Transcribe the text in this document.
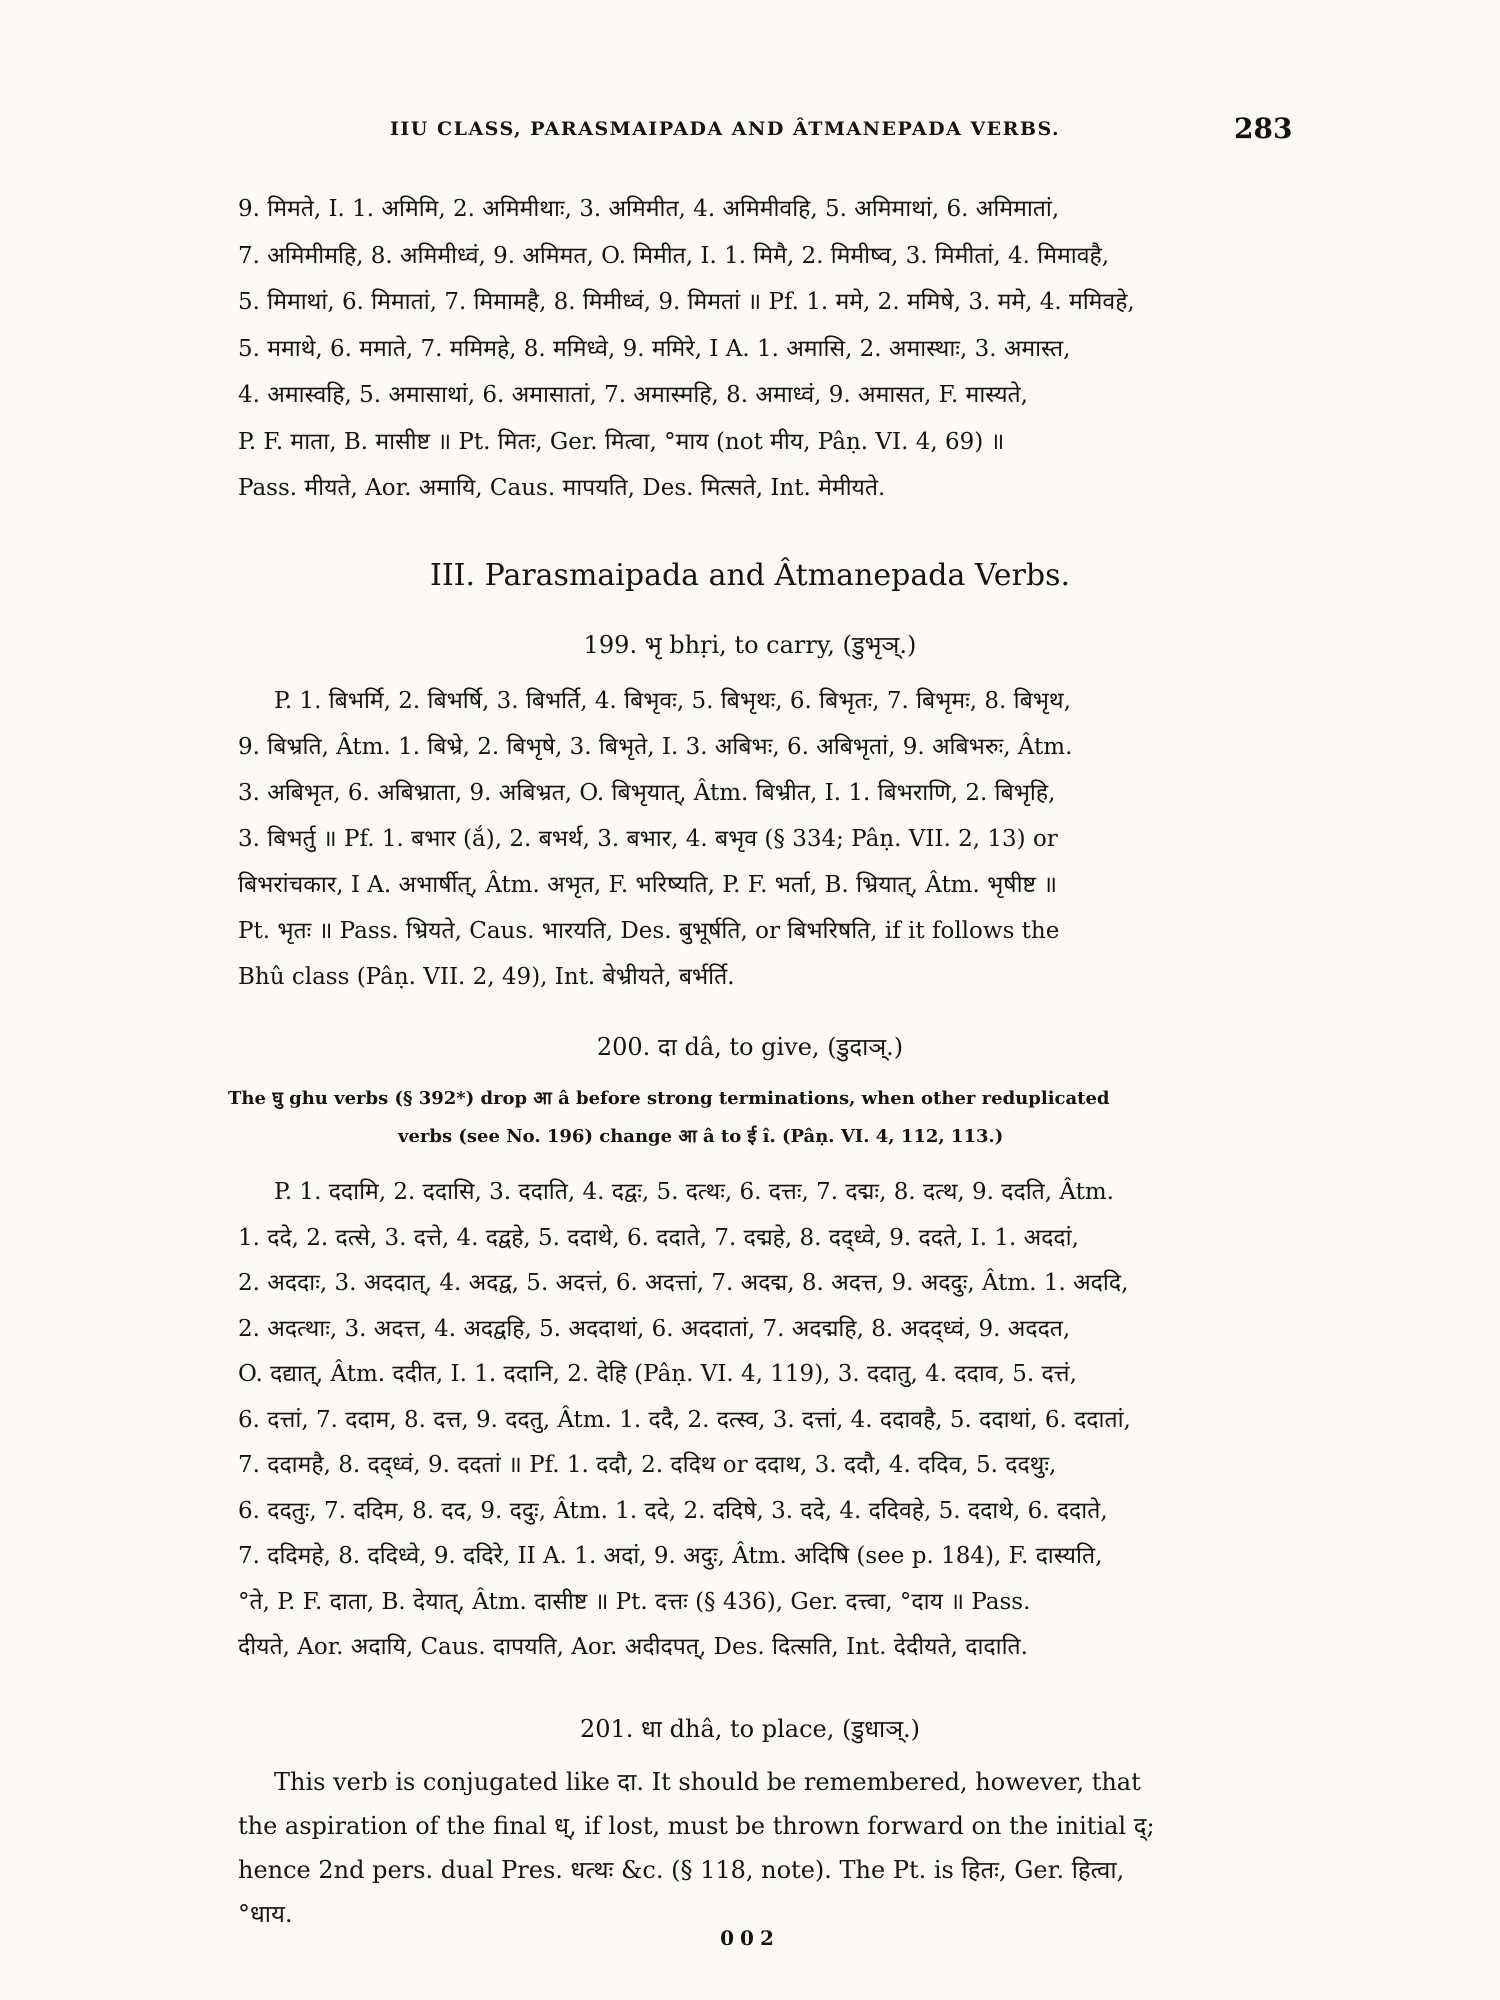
IIU CLASS, PARASMAIPADA AND ÂTMANEPADA VERBS.	283
9. मिमते, I. 1. अमिमि, 2. अमिमीथाः, 3. अमिमीत, 4. अमिमीवहि, 5. अमिमाथां, 6. अमिमातां,
7. अमिमीमहि, 8. अमिमीध्वं, 9. अमिमत, O. मिमीत, I. 1. मिमै, 2. मिमीष्व, 3. मिमीतां, 4. मिमावहै,
5. मिमाथां, 6. मिमातां, 7. मिमामहै, 8. मिमीध्वं, 9. मिमतां ॥ Pf. 1. ममे, 2. ममिषे, 3. ममे, 4. ममिवहे,
5. ममाथे, 6. ममाते, 7. ममिमहे, 8. ममिध्वे, 9. ममिरे, I A. 1. अमासि, 2. अमास्थाः, 3. अमास्त,
4. अमास्वहि, 5. अमासाथां, 6. अमासातां, 7. अमास्महि, 8. अमाध्वं, 9. अमासत, F. मास्यते,
P. F. माता, B. मासीष्ट ॥ Pt. मितः, Ger. मित्वा, °माय (not मीय, Pâṇ. VI. 4, 69) ॥
Pass. मीयते, Aor. अमायि, Caus. मापयति, Des. मित्सते, Int. मेमीयते.
III. Parasmaipada and Âtmanepada Verbs.
199. भृ bhṛi, to carry, (डुभृञ्.)
P. 1. बिभर्मि, 2. बिभर्षि, 3. बिभर्ति, 4. बिभृवः, 5. बिभृथः, 6. बिभृतः, 7. बिभृमः, 8. बिभृथ,
9. बिभ्रति, Âtm. 1. बिभ्रे, 2. बिभृषे, 3. बिभृते, I. 3. अबिभः, 6. अबिभृतां, 9. अबिभरुः, Âtm.
3. अबिभृत, 6. अबिभ्राता, 9. अबिभ्रत, O. बिभृयात्, Âtm. बिभ्रीत, I. 1. बिभराणि, 2. बिभृहि,
3. बिभर्तु ॥ Pf. 1. बभार (ắ), 2. बभर्थ, 3. बभार, 4. बभृव (§ 334; Pâṇ. VII. 2, 13) or
बिभरांचकार, I A. अभार्षीत्, Âtm. अभृत, F. भरिष्यति, P. F. भर्ता, B. भ्रियात्, Âtm. भृषीष्ट ॥
Pt. भृतः ॥ Pass. भ्रियते, Caus. भारयति, Des. बुभूर्षति, or बिभरिषति, if it follows the
Bhû class (Pâṇ. VII. 2, 49), Int. बेभ्रीयते, बर्भर्ति.
200. दा dâ, to give, (डुदाञ्.)
The घु ghu verbs (§ 392*) drop आ â before strong terminations, when other reduplicated
verbs (see No. 196) change आ â to ई î. (Pâṇ. VI. 4, 112, 113.)
P. 1. ददामि, 2. ददासि, 3. ददाति, 4. दद्वः, 5. दत्थः, 6. दत्तः, 7. दद्मः, 8. दत्थ, 9. ददति, Âtm.
1. ददे, 2. दत्से, 3. दत्ते, 4. दद्वहे, 5. ददाथे, 6. ददाते, 7. दद्महे, 8. दद्ध्वे, 9. ददते, I. 1. अददां,
2. अददाः, 3. अददात्, 4. अदद्व, 5. अदत्तं, 6. अदत्तां, 7. अदद्म, 8. अदत्त, 9. अददुः, Âtm. 1. अददि,
2. अदत्थाः, 3. अदत्त, 4. अदद्वहि, 5. अददाथां, 6. अददातां, 7. अदद्महि, 8. अदद्ध्वं, 9. अददत,
O. दद्यात्, Âtm. ददीत, I. 1. ददानि, 2. देहि (Pâṇ. VI. 4, 119), 3. ददातु, 4. ददाव, 5. दत्तं,
6. दत्तां, 7. ददाम, 8. दत्त, 9. ददतु, Âtm. 1. ददै, 2. दत्स्व, 3. दत्तां, 4. ददावहै, 5. ददाथां, 6. ददातां,
7. ददामहै, 8. दद्ध्वं, 9. ददतां ॥ Pf. 1. ददौ, 2. ददिथ or ददाथ, 3. ददौ, 4. ददिव, 5. ददथुः,
6. ददतुः, 7. ददिम, 8. दद, 9. ददुः, Âtm. 1. ददे, 2. ददिषे, 3. ददे, 4. ददिवहे, 5. ददाथे, 6. ददाते,
7. ददिमहे, 8. ददिध्वे, 9. ददिरे, II A. 1. अदां, 9. अदुः, Âtm. अदिषि (see p. 184), F. दास्यति,
°ते, P. F. दाता, B. देयात्, Âtm. दासीष्ट ॥ Pt. दत्तः (§ 436), Ger. दत्त्वा, °दाय ॥ Pass.
दीयते, Aor. अदायि, Caus. दापयति, Aor. अदीदपत्, Des. दित्सति, Int. देदीयते, दादाति.
201. धा dhâ, to place, (डुधाञ्.)
This verb is conjugated like दा. It should be remembered, however, that
the aspiration of the final ध्, if lost, must be thrown forward on the initial द्;
hence 2nd pers. dual Pres. धत्थः &c. (§ 118, note). The Pt. is हितः, Ger. हित्वा,
°धाय.
002
